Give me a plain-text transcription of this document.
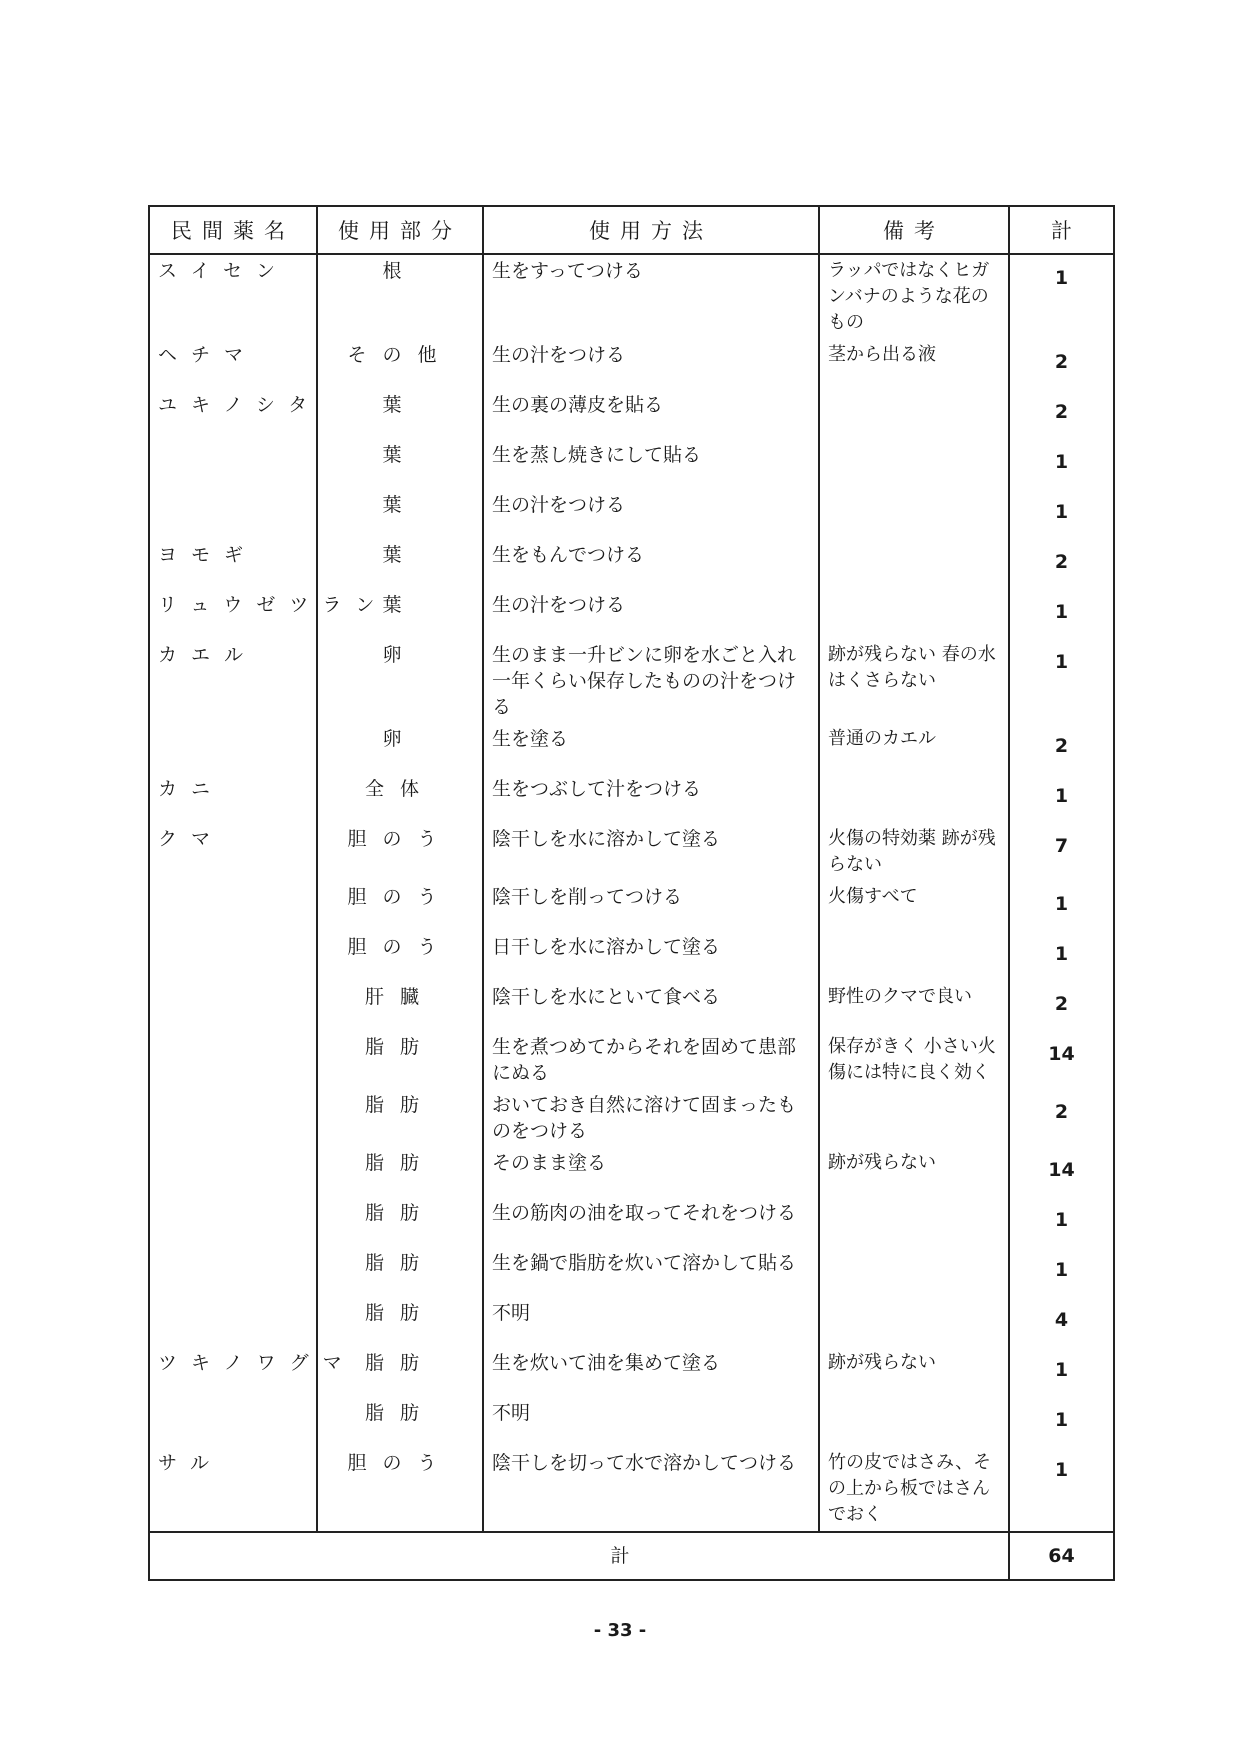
民間薬名	使用部分	使用方法	備考	計
スイセン	根	生をすってつける	ラッパではなくヒガンバナのような花のもの	1
ヘチマ	その他	生の汁をつける	茎から出る液	2
ユキノシタ	葉	生の裏の薄皮を貼る		2
	葉	生を蒸し焼きにして貼る		1
	葉	生の汁をつける		1
ヨモギ	葉	生をもんでつける		2
リュウゼツラン	葉	生の汁をつける		1
カエル	卵	生のまま一升ビンに卵を水ごと入れ一年くらい保存したものの汁をつける	跡が残らない 春の水はくさらない	1
	卵	生を塗る	普通のカエル	2
カニ	全体	生をつぶして汁をつける		1
クマ	胆のう	陰干しを水に溶かして塗る	火傷の特効薬 跡が残らない	7
	胆のう	陰干しを削ってつける	火傷すべて	1
	胆のう	日干しを水に溶かして塗る		1
	肝臓	陰干しを水にといて食べる	野性のクマで良い	2
	脂肪	生を煮つめてからそれを固めて患部にぬる	保存がきく 小さい火傷には特に良く効く	14
	脂肪	おいておき自然に溶けて固まったものをつける		2
	脂肪	そのまま塗る	跡が残らない	14
	脂肪	生の筋肉の油を取ってそれをつける		1
	脂肪	生を鍋で脂肪を炊いて溶かして貼る		1
	脂肪	不明		4
ツキノワグマ	脂肪	生を炊いて油を集めて塗る	跡が残らない	1
	脂肪	不明		1
サル	胆のう	陰干しを切って水で溶かしてつける	竹の皮ではさみ、その上から板ではさんでおく	1
計				64
- 33 -
